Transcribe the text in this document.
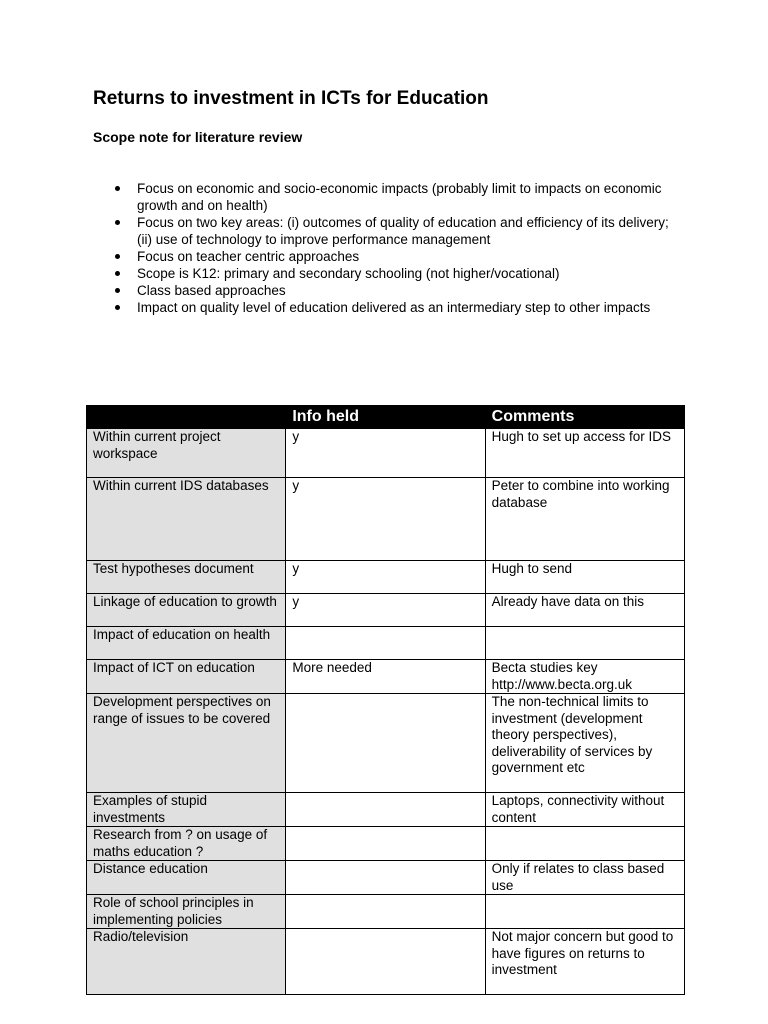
Returns to investment in ICTs for Education
Scope note for literature review
Focus on economic and socio-economic impacts (probably limit to impacts on economic growth and on health)
Focus on two key areas: (i) outcomes of quality of education and efficiency of its delivery; (ii) use of technology to improve performance management
Focus on teacher centric approaches
Scope is K12: primary and secondary schooling (not higher/vocational)
Class based approaches
Impact on quality level of education delivered as an intermediary step to other impacts
	Info held	Comments
Within current project workspace	y	Hugh to set up access for IDS
Within current IDS databases	y	Peter to combine into working database
Test hypotheses document	y	Hugh to send
Linkage of education to growth	y	Already have data on this
Impact of education on health		
Impact of ICT on education	More needed	Becta studies key http://www.becta.org.uk
Development perspectives on range of issues to be covered		The non-technical limits to investment (development theory perspectives), deliverability of services by government etc
Examples of stupid investments		Laptops, connectivity without content
Research from ? on usage of maths education ?		
Distance education		Only if relates to class based use
Role of school principles in implementing policies		
Radio/television		Not major concern but good to have figures on returns to investment
